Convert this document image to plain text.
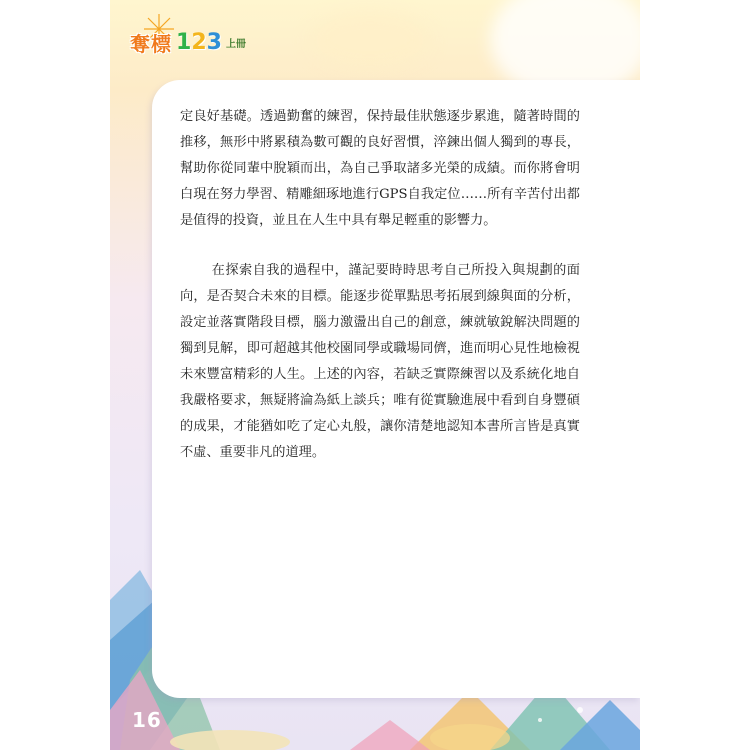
奪標 1 2 3 上冊

定良好基礎。透過勤奮的練習，保持最佳狀態逐步累進，隨著時間的推移，無形中將累積為數可觀的良好習慣，淬鍊出個人獨到的專長，幫助你從同輩中脫穎而出，為自己爭取諸多光榮的成績。而你將會明白現在努力學習、精雕細琢地進行GPS自我定位……所有辛苦付出都是值得的投資，並且在人生中具有舉足輕重的影響力。

在探索自我的過程中，謹記要時時思考自己所投入與規劃的面向，是否契合未來的目標。能逐步從單點思考拓展到線與面的分析，設定並落實階段目標，腦力激盪出自己的創意，練就敏銳解決問題的獨到見解，即可超越其他校園同學或職場同儕，進而明心見性地檢視未來豐富精彩的人生。上述的內容，若缺乏實際練習以及系統化地自我嚴格要求，無疑將淪為紙上談兵；唯有從實驗進展中看到自身豐碩的成果，才能猶如吃了定心丸般，讓你清楚地認知本書所言皆是真實不虛、重要非凡的道理。

16
